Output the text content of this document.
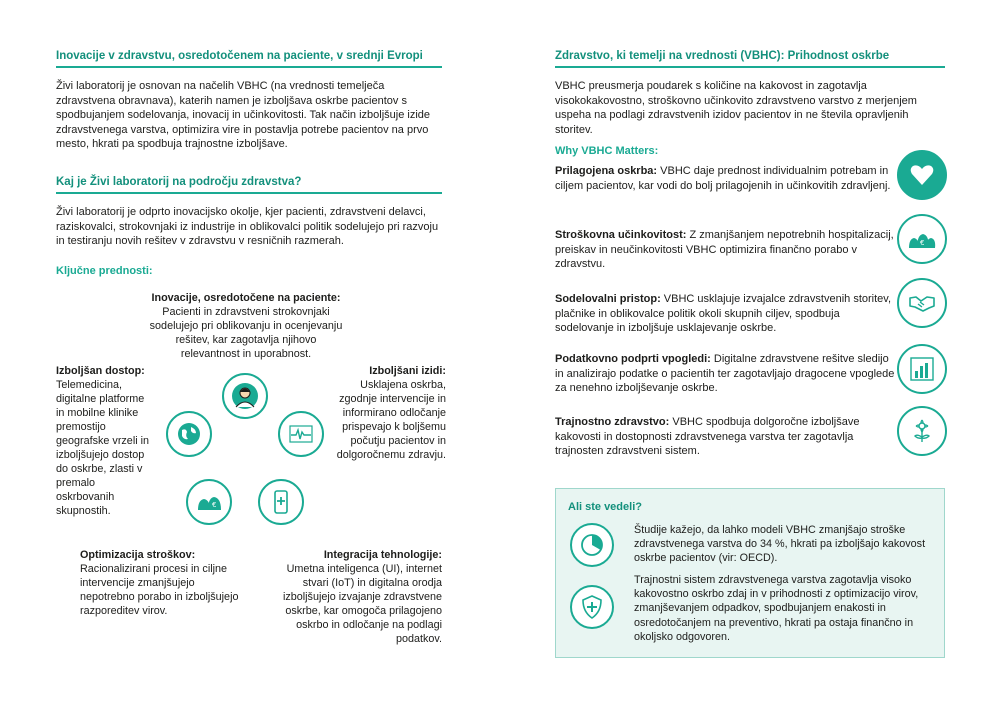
Inovacije v zdravstvu, osredotočenem na paciente, v srednji Evropi
Živi laboratorij je osnovan na načelih VBHC (na vrednosti temelječa zdravstvena obravnava), katerih namen je izboljšava oskrbe pacientov s spodbujanjem sodelovanja, inovacij in učinkovitosti. Tak način izboljšuje izide zdravstvenega varstva, optimizira vire in postavlja potrebe pacientov na prvo mesto, hkrati pa spodbuja trajnostne izboljšave.
Kaj je Živi laboratorij na področju zdravstva?
Živi laboratorij je odprto inovacijsko okolje, kjer pacienti, zdravstveni delavci, raziskovalci, strokovnjaki iz industrije in oblikovalci politik sodelujejo pri razvoju in testiranju novih rešitev v zdravstvu v resničnih razmerah.
Ključne prednosti:
Inovacije, osredotočene na paciente:
Pacienti in zdravstveni strokovnjaki sodelujejo pri oblikovanju in ocenjevanju rešitev, kar zagotavlja njihovo relevantnost in uporabnost.
Izboljšan dostop:
Telemedicina, digitalne platforme in mobilne klinike premostijo geografske vrzeli in izboljšujejo dostop do oskrbe, zlasti v premalo oskrbovanih skupnostih.
Izboljšani izidi:
Usklajena oskrba, zgodnje intervencije in informirano odločanje prispevajo k boljšemu počutju pacientov in dolgoročnemu zdravju.
Optimizacija stroškov:
Racionalizirani procesi in ciljne intervencije zmanjšujejo nepotrebno porabo in izboljšujejo razporeditev virov.
Integracija tehnologije:
Umetna inteligenca (UI), internet stvari (IoT) in digitalna orodja izboljšujejo izvajanje zdravstvene oskrbe, kar omogoča prilagojeno oskrbo in odločanje na podlagi podatkov.
€
Zdravstvo, ki temelji na vrednosti (VBHC): Prihodnost oskrbe
VBHC preusmerja poudarek s količine na kakovost in zagotavlja visokokakovostno, stroškovno učinkovito zdravstveno varstvo z merjenjem uspeha na podlagi zdravstvenih izidov pacientov in ne števila opravljenih storitev.
Why VBHC Matters:
Prilagojena oskrba: VBHC daje prednost individualnim potrebam in ciljem pacientov, kar vodi do bolj prilagojenih in učinkovitih zdravljenj.
Stroškovna učinkovitost: Z zmanjšanjem nepotrebnih hospitalizacij, preiskav in neučinkovitosti VBHC optimizira finančno porabo v zdravstvu.
€
Sodelovalni pristop: VBHC usklajuje izvajalce zdravstvenih storitev, plačnike in oblikovalce politik okoli skupnih ciljev, spodbuja sodelovanje in izboljšuje usklajevanje oskrbe.
Podatkovno podprti vpogledi: Digitalne zdravstvene rešitve sledijo in analizirajo podatke o pacientih ter zagotavljajo dragocene vpoglede za nenehno izboljševanje oskrbe.
Trajnostno zdravstvo: VBHC spodbuja dolgoročne izboljšave kakovosti in dostopnosti zdravstvenega varstva ter zagotavlja trajnosten zdravstveni sistem.
Ali ste vedeli?
Študije kažejo, da lahko modeli VBHC zmanjšajo stroške zdravstvenega varstva do 34 %, hkrati pa izboljšajo kakovost oskrbe pacientov (vir: OECD).
Trajnostni sistem zdravstvenega varstva zagotavlja visoko kakovostno oskrbo zdaj in v prihodnosti z optimizacijo virov, zmanjševanjem odpadkov, spodbujanjem enakosti in osredotočanjem na preventivo, hkrati pa ostaja finančno in okoljsko odgovoren.
